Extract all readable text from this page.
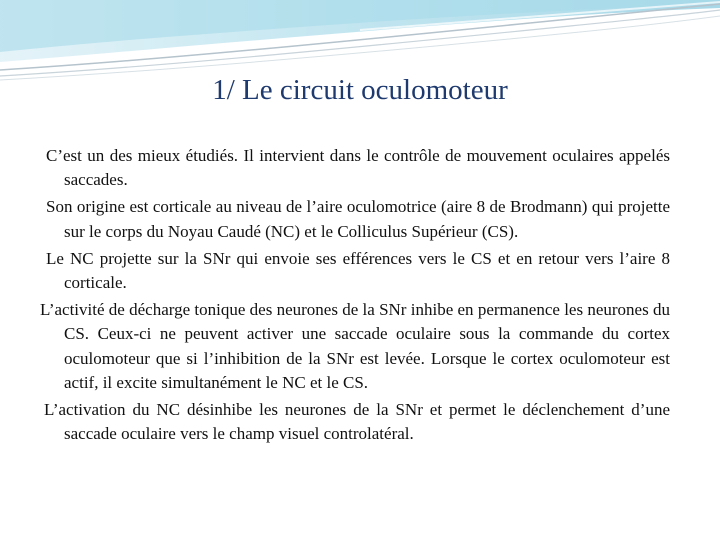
1/ Le circuit oculomoteur

C’est un des mieux étudiés. Il intervient dans le contrôle de mouvement oculaires appelés saccades.

Son origine est corticale au niveau de l’aire oculomotrice (aire 8 de Brodmann) qui projette sur le corps du Noyau Caudé (NC) et le Colliculus Supérieur (CS).

Le NC projette sur la SNr qui envoie ses efférences vers le CS et en retour vers l’aire 8 corticale.

L’activité de décharge tonique des neurones de la SNr inhibe en permanence les neurones du CS. Ceux-ci ne peuvent activer une saccade oculaire sous la commande du cortex oculomoteur que si l’inhibition de la SNr est levée. Lorsque le cortex oculomoteur est actif, il excite simultanément le NC et le CS.

L’activation du NC désinhibe les neurones de la SNr et permet le déclenchement d’une saccade oculaire vers le champ visuel controlatéral.
